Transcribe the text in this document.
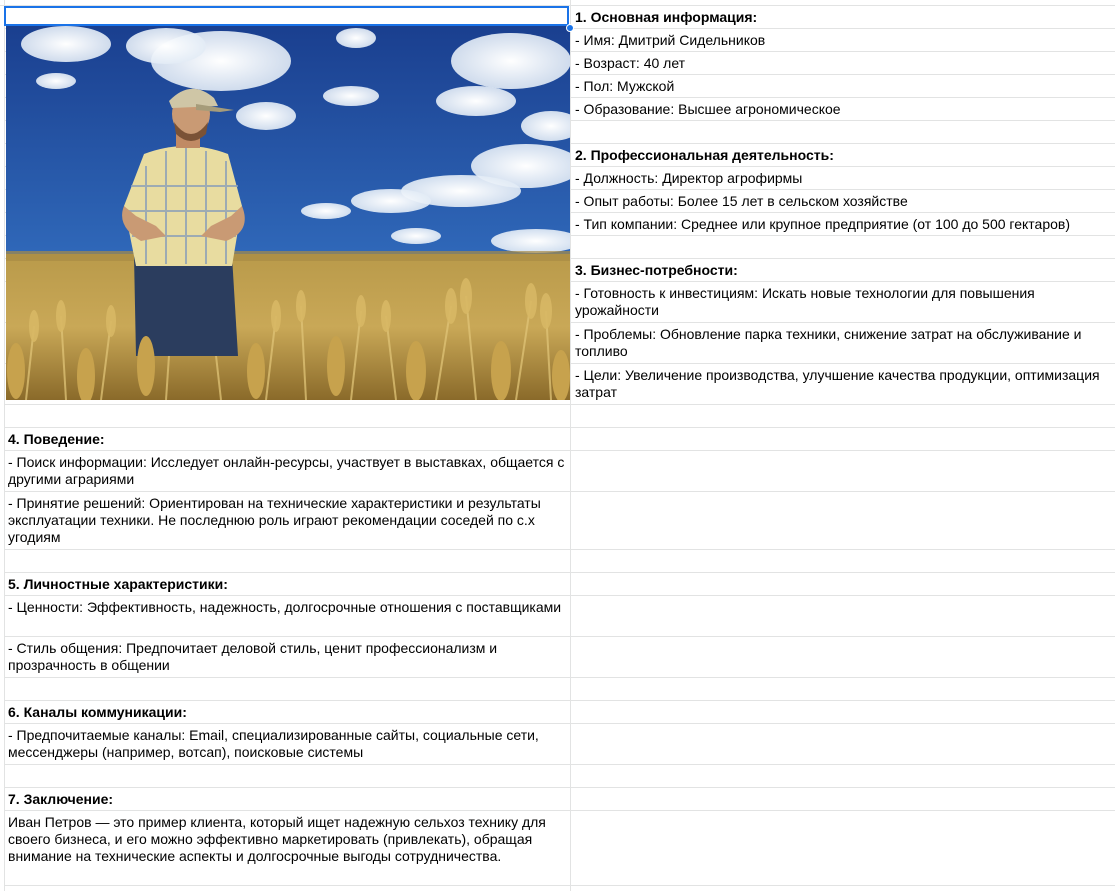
1. Основная информация:
- Имя: Дмитрий Сидельников
- Возраст: 40 лет
- Пол: Мужской
- Образование: Высшее агрономическое
2. Профессиональная деятельность:
- Должность: Директор агрофирмы
- Опыт работы: Более 15 лет в сельском хозяйстве
- Тип компании: Среднее или крупное предприятие (от 100 до 500 гектаров)
3. Бизнес-потребности:
- Готовность к инвестициям: Искать новые технологии для повышения урожайности
- Проблемы: Обновление парка техники, снижение затрат на обслуживание и топливо
- Цели: Увеличение производства, улучшение качества продукции, оптимизация затрат
4. Поведение:
- Поиск информации: Исследует онлайн-ресурсы, участвует в выставках, общается с другими аграриями
- Принятие решений: Ориентирован на технические характеристики и результаты эксплуатации техники. Не последнюю роль играют рекомендации соседей по с.х угодиям
5. Личностные характеристики:
- Ценности: Эффективность, надежность, долгосрочные отношения с поставщиками
- Стиль общения: Предпочитает деловой стиль, ценит профессионализм и прозрачность в общении
6. Каналы коммуникации:
- Предпочитаемые каналы: Email, специализированные сайты, социальные сети, мессенджеры (например, вотсап), поисковые системы
7. Заключение:
Иван Петров — это пример клиента, который ищет надежную сельхоз технику для своего бизнеса, и его можно эффективно маркетировать (привлекать), обращая внимание на технические аспекты и долгосрочные выгоды сотрудничества.
